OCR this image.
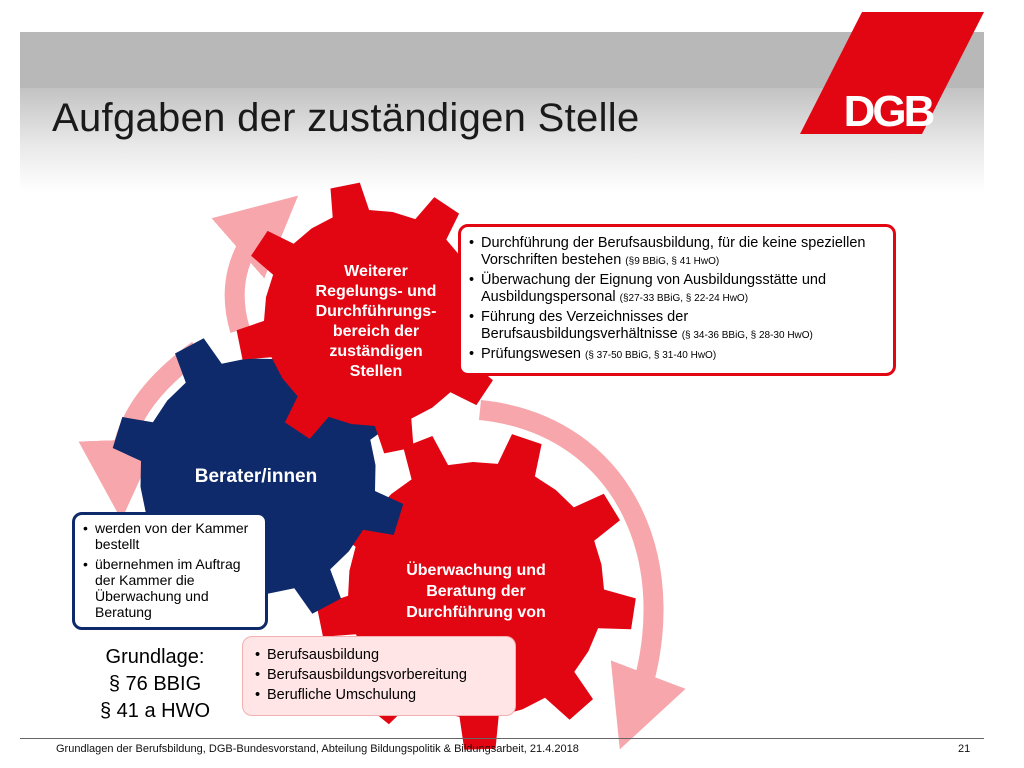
Aufgaben der zuständigen Stelle	DGB
Weiterer
Regelungs- und
Durchführungs-
bereich der
zuständigen
Stellen
Berater/innen
Überwachung und
Beratung der
Durchführung von
• Durchführung der Berufsausbildung, für die keine speziellen Vorschriften bestehen (§9 BBiG, § 41 HwO)
• Überwachung der Eignung von Ausbildungsstätte und Ausbildungspersonal (§27-33 BBiG, § 22-24 HwO)
• Führung des Verzeichnisses der Berufsausbildungsverhältnisse (§ 34-36 BBiG, § 28-30 HwO)
• Prüfungswesen (§ 37-50 BBiG, § 31-40 HwO)
• werden von der Kammer bestellt
• übernehmen im Auftrag der Kammer die Überwachung und Beratung
• Berufsausbildung
• Berufsausbildungsvorbereitung
• Berufliche Umschulung
Grundlage:
§ 76 BBIG
§ 41 a HWO
Grundlagen der Berufsbildung, DGB-Bundesvorstand, Abteilung Bildungspolitik & Bildungsarbeit, 21.4.2018	21
